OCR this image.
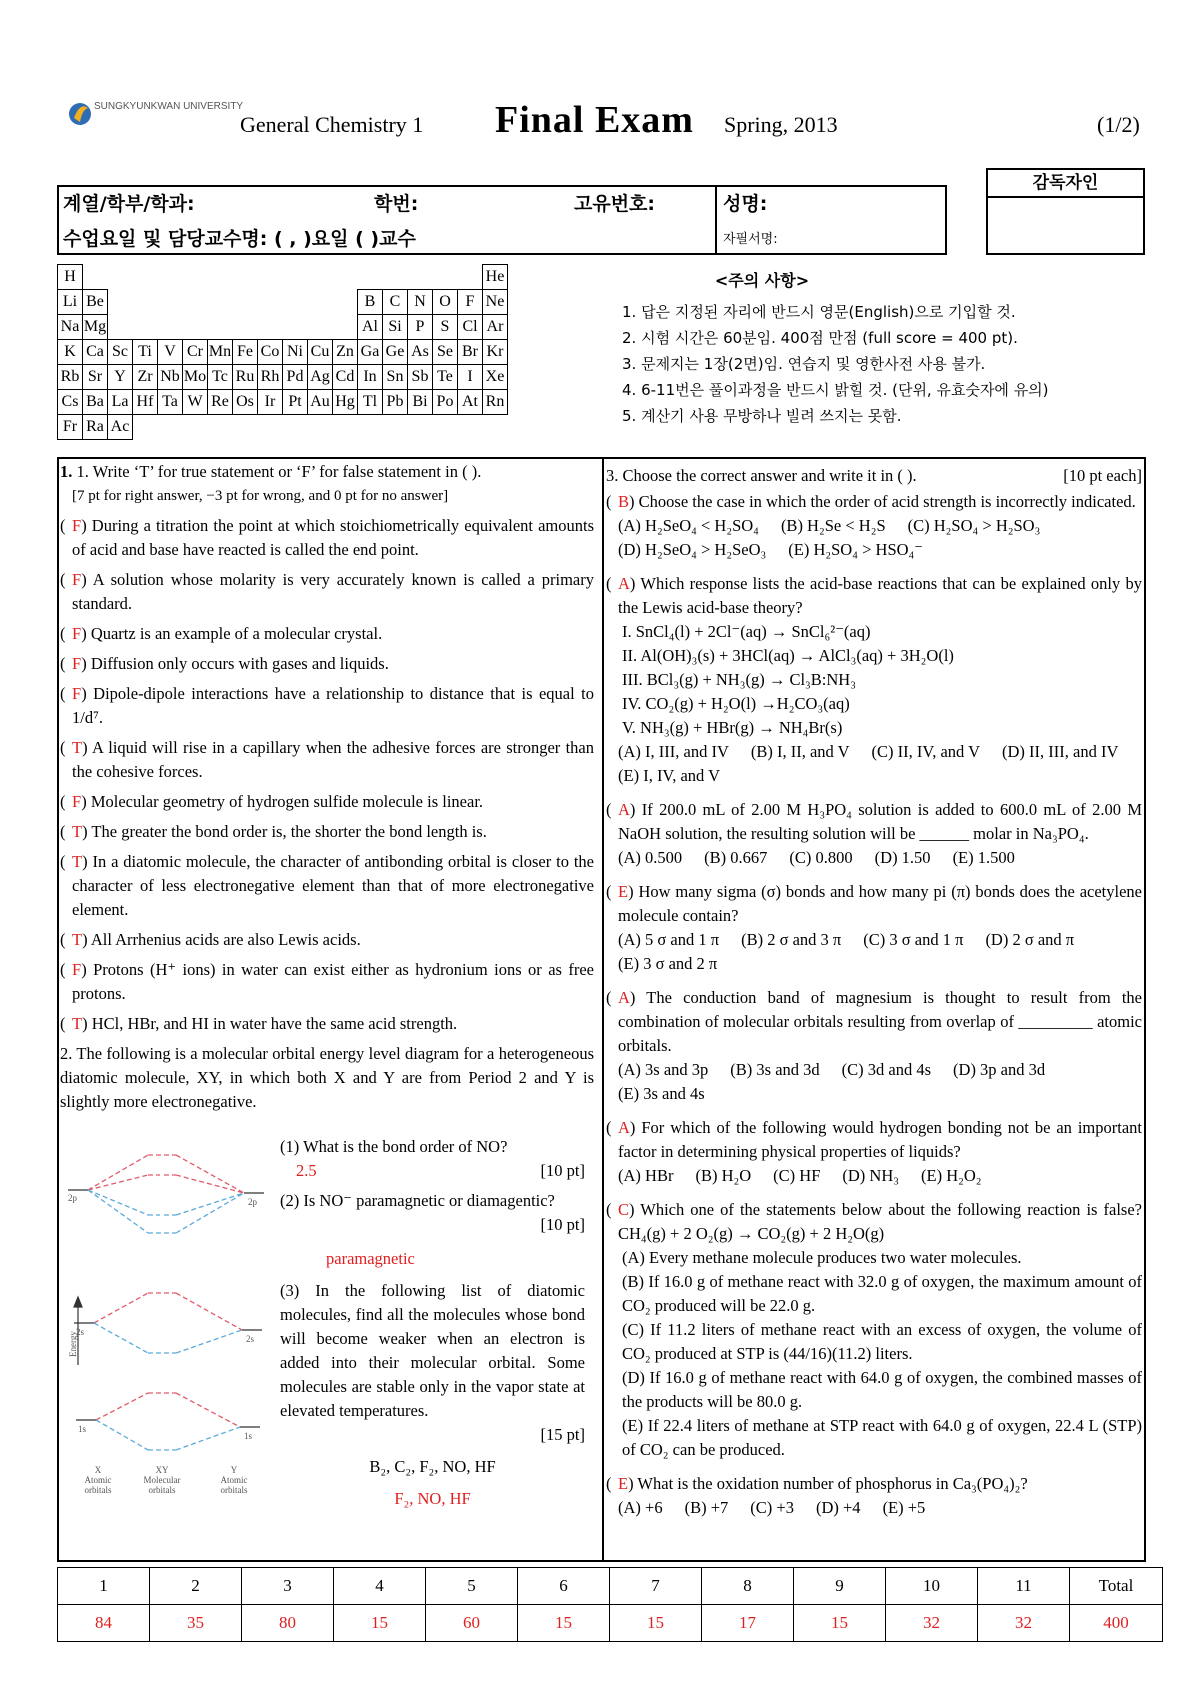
SUNGKYUNKWAN UNIVERSITY
General Chemistry 1 Final Exam Spring, 2013	(1/2)
계열/학부/학과:	학번:	고유번호:
수업요일 및 담당교수명: ( , )요일 ( )교수
성명:
자필서명:
감독자인
H																	He
Li	Be											B	C	N	O	F	Ne
Na	Mg											Al	Si	P	S	Cl	Ar
K	Ca	Sc	Ti	V	Cr	Mn	Fe	Co	Ni	Cu	Zn	Ga	Ge	As	Se	Br	Kr
Rb	Sr	Y	Zr	Nb	Mo	Tc	Ru	Rh	Pd	Ag	Cd	In	Sn	Sb	Te	I	Xe
Cs	Ba	La	Hf	Ta	W	Re	Os	Ir	Pt	Au	Hg	Tl	Pb	Bi	Po	At	Rn
Fr	Ra	Ac															
<주의 사항>
1. 답은 지정된 자리에 반드시 영문(English)으로 기입할 것.
2. 시험 시간은 60분임. 400점 만점 (full score = 400 pt).
3. 문제지는 1장(2면)임. 연습지 및 영한사전 사용 불가.
4. 6-11번은 풀이과정을 반드시 밝힐 것. (단위, 유효숫자에 유의)
5. 계산기 사용 무방하나 빌려 쓰지는 못함.
1. 1. Write ‘T’ for true statement or ‘F’ for false statement in ( ).
[7 pt for right answer, −3 pt for wrong, and 0 pt for no answer]
( F) During a titration the point at which stoichiometrically equivalent amounts of acid and base have reacted is called the end point.
( F) A solution whose molarity is very accurately known is called a primary standard.
( F) Quartz is an example of a molecular crystal.
( F) Diffusion only occurs with gases and liquids.
( F) Dipole-dipole interactions have a relationship to distance that is equal to 1/d⁷.
( T) A liquid will rise in a capillary when the adhesive forces are stronger than the cohesive forces.
( F) Molecular geometry of hydrogen sulfide molecule is linear.
( T) The greater the bond order is, the shorter the bond length is.
( T) In a diatomic molecule, the character of antibonding orbital is closer to the character of less electronegative element than that of more electronegative element.
( T) All Arrhenius acids are also Lewis acids.
( F) Protons (H⁺ ions) in water can exist either as hydronium ions or as free protons.
( T) HCl, HBr, and HI in water have the same acid strength.
2. The following is a molecular orbital energy level diagram for a heterogeneous diatomic molecule, XY, in which both X and Y are from Period 2 and Y is slightly more electronegative.
2p	2p
2s
2s
1s
1s
Energy
X Atomic orbitals
XY Molecular orbitals
Y Atomic orbitals
(1) What is the bond order of NO?
2.5	[10 pt]
(2) Is NO⁻ paramagnetic or diamagentic?
[10 pt]
paramagnetic
(3) In the following list of diatomic molecules, find all the molecules whose bond will become weaker when an electron is added into their molecular orbital. Some molecules are stable only in the vapor state at elevated temperatures.
[15 pt]
B₂, C₂, F₂, NO, HF
F₂, NO, HF
3. Choose the correct answer and write it in ( ).	[10 pt each]
( B) Choose the case in which the order of acid strength is incorrectly indicated.
(A) H₂SeO₄ < H₂SO₄ (B) H₂Se < H₂S (C) H₂SO₄ > H₂SO₃
(D) H₂SeO₄ > H₂SeO₃ (E) H₂SO₄ > HSO₄⁻
( A) Which response lists the acid-base reactions that can be explained only by the Lewis acid-base theory?
I. SnCl₄(l) + 2Cl⁻(aq) → SnCl₆²⁻(aq)
II. Al(OH)₃(s) + 3HCl(aq) → AlCl₃(aq) + 3H₂O(l)
III. BCl₃(g) + NH₃(g) → Cl₃B:NH₃
IV. CO₂(g) + H₂O(l) →H₂CO₃(aq)
V. NH₃(g) + HBr(g) → NH₄Br(s)
(A) I, III, and IV (B) I, II, and V (C) II, IV, and V (D) II, III, and IV
(E) I, IV, and V
( A) If 200.0 mL of 2.00 M H₃PO₄ solution is added to 600.0 mL of 2.00 M NaOH solution, the resulting solution will be ______ molar in Na₃PO₄.
(A) 0.500 (B) 0.667 (C) 0.800 (D) 1.50 (E) 1.500
( E) How many sigma (σ) bonds and how many pi (π) bonds does the acetylene molecule contain?
(A) 5 σ and 1 π (B) 2 σ and 3 π (C) 3 σ and 1 π (D) 2 σ and π
(E) 3 σ and 2 π
( A) The conduction band of magnesium is thought to result from the combination of molecular orbitals resulting from overlap of _________ atomic orbitals.
(A) 3s and 3p (B) 3s and 3d (C) 3d and 4s (D) 3p and 3d
(E) 3s and 4s
( A) For which of the following would hydrogen bonding not be an important factor in determining physical properties of liquids?
(A) HBr (B) H₂O (C) HF (D) NH₃ (E) H₂O₂
( C) Which one of the statements below about the following reaction is false? CH₄(g) + 2 O₂(g) → CO₂(g) + 2 H₂O(g)
(A) Every methane molecule produces two water molecules.
(B) If 16.0 g of methane react with 32.0 g of oxygen, the maximum amount of CO₂ produced will be 22.0 g.
(C) If 11.2 liters of methane react with an excess of oxygen, the volume of CO₂ produced at STP is (44/16)(11.2) liters.
(D) If 16.0 g of methane react with 64.0 g of oxygen, the combined masses of the products will be 80.0 g.
(E) If 22.4 liters of methane at STP react with 64.0 g of oxygen, 22.4 L (STP) of CO₂ can be produced.
( E) What is the oxidation number of phosphorus in Ca₃(PO₄)₂?
(A) +6 (B) +7 (C) +3 (D) +4 (E) +5
1	2	3	4	5	6	7	8	9	10	11	Total
84	35	80	15	60	15	15	17	15	32	32	400
